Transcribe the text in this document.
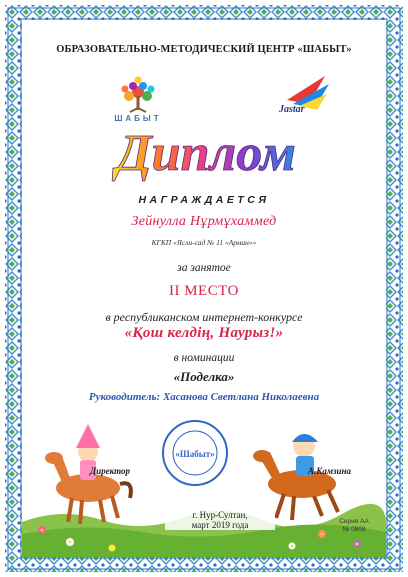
ОБРАЗОВАТЕЛЬНО-МЕТОДИЧЕСКИЙ ЦЕНТР «ШАБЫТ»
ШАБЫТ
Jastar
Диплом
НАГРАЖДАЕТСЯ
Зейнулла Нұрмұхаммед
КГКП «Ясли-сад № 11 «Арман»»
за занятое
II МЕСТО
в республиканском интернет-конкурсе
«Қош келдің, Наурыз!»
в номинации
«Поделка»
Руководитель: Хасанова Светлана Николаевна
«Шабыт»
Директор	А.Камзина
г. Нур-Султан,
март 2019 года	Серия АА
№ 0808
